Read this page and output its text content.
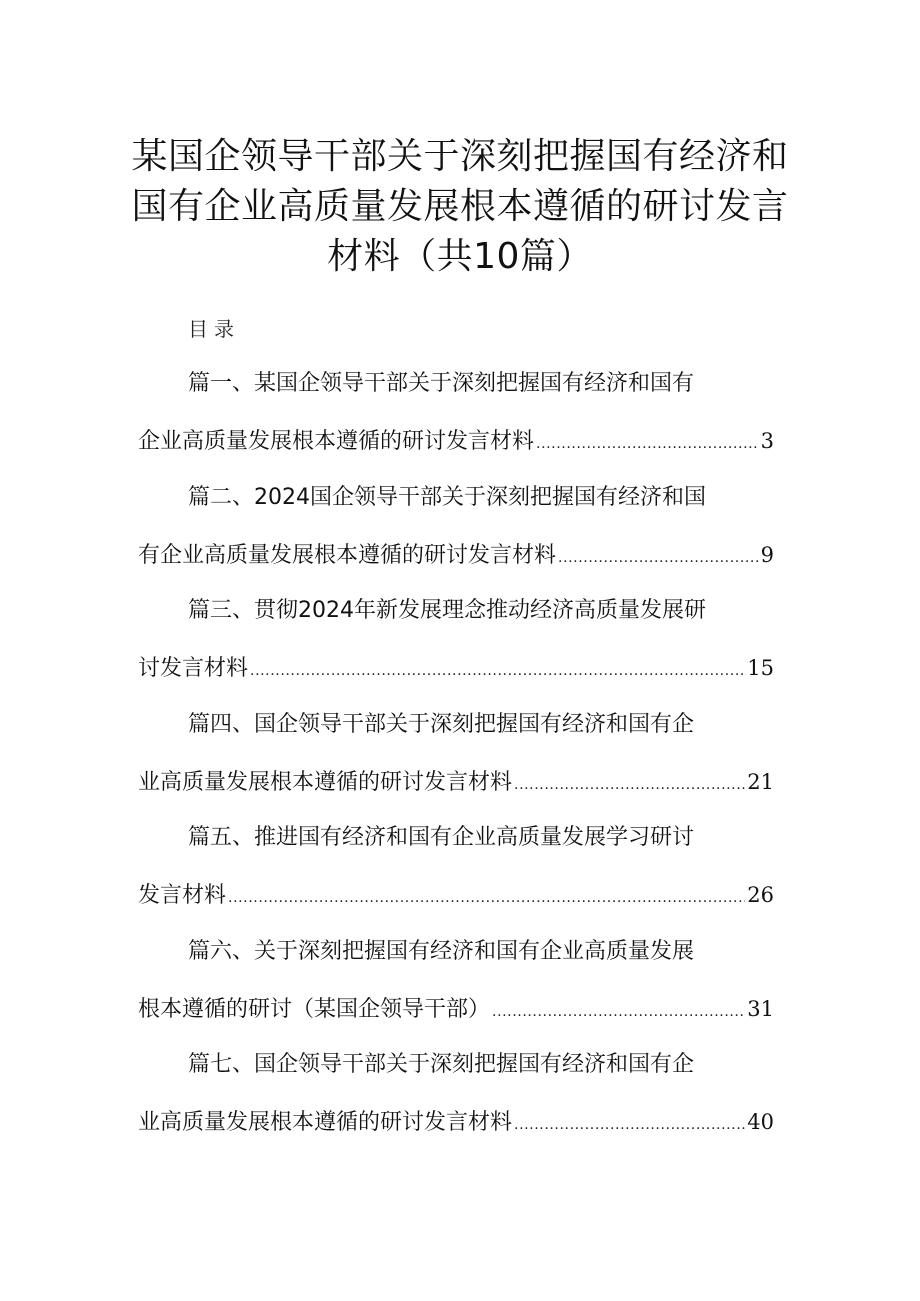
某国企领导干部关于深刻把握国有经济和
国有企业高质量发展根本遵循的研讨发言
材料（共10篇）
目录
篇一、某国企领导干部关于深刻把握国有经济和国有
企业高质量发展根本遵循的研讨发言材料 .....	3
篇二、2024国企领导干部关于深刻把握国有经济和国
有企业高质量发展根本遵循的研讨发言材料 .....	9
篇三、贯彻2024年新发展理念推动经济高质量发展研
讨发言材料 .....	15
篇四、国企领导干部关于深刻把握国有经济和国有企
业高质量发展根本遵循的研讨发言材料 .....	21
篇五、推进国有经济和国有企业高质量发展学习研讨
发言材料 .....	26
篇六、关于深刻把握国有经济和国有企业高质量发展
根本遵循的研讨（某国企领导干部） .....	31
篇七、国企领导干部关于深刻把握国有经济和国有企
业高质量发展根本遵循的研讨发言材料 .....	40
